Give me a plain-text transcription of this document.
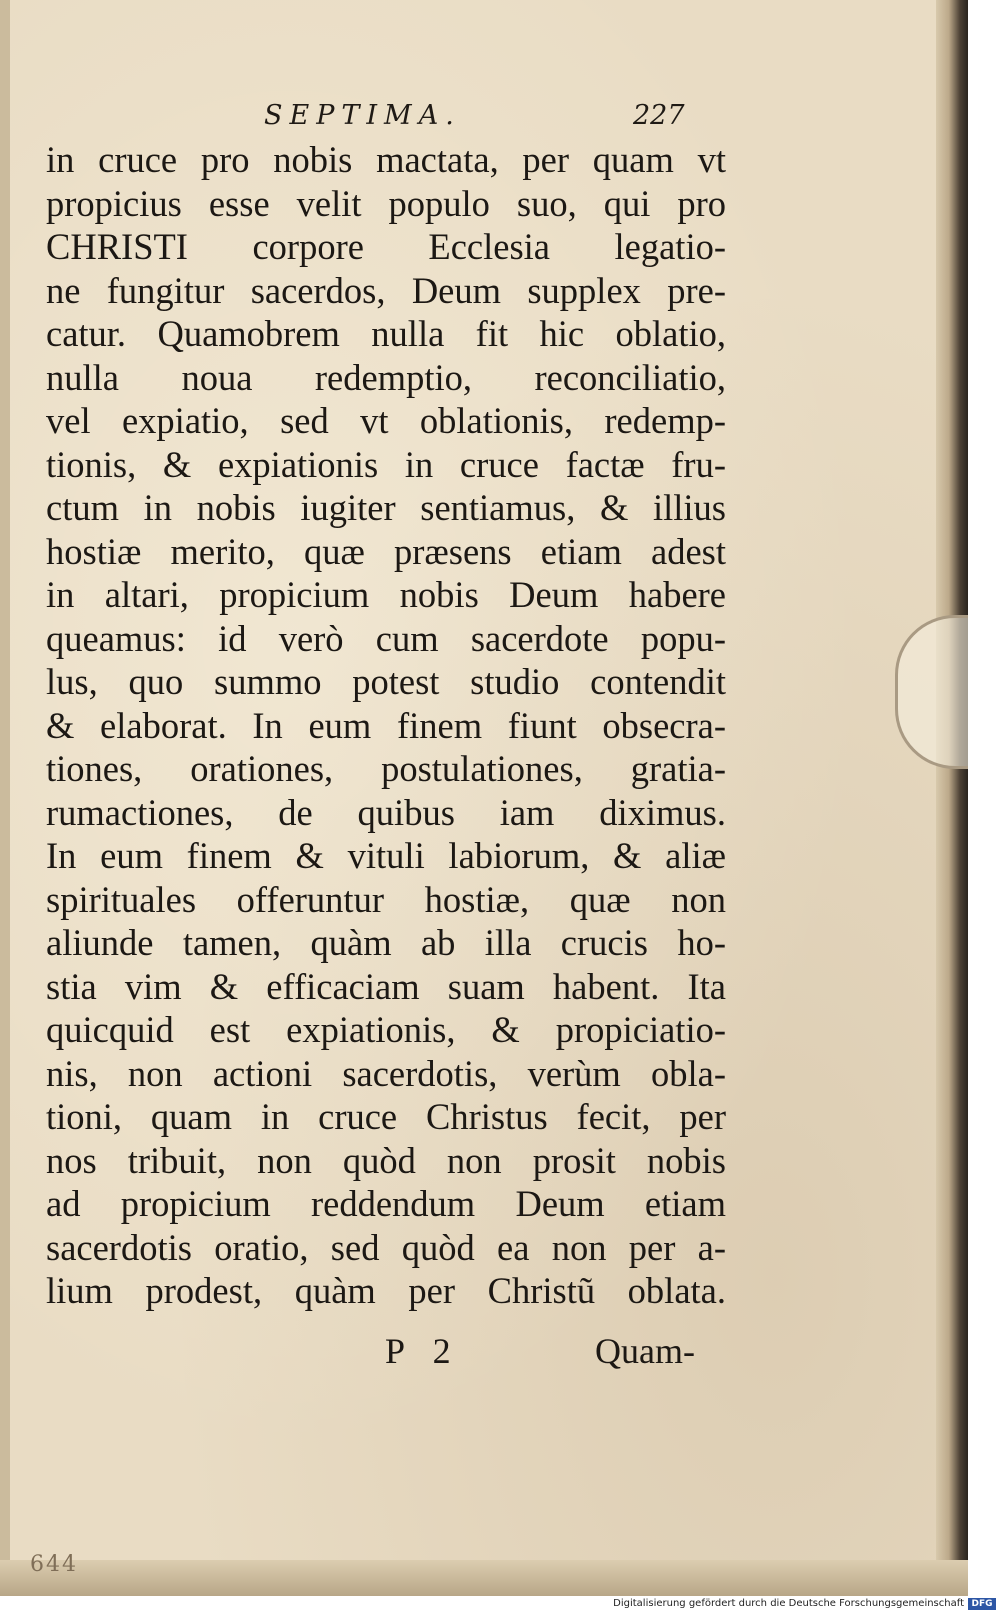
644
SEPTIMA.	227
in cruce pro nobis mactata, per quam vt
propicius esse velit populo suo, qui pro
CHRISTI corpore Ecclesia legatio-
ne fungitur sacerdos, Deum supplex pre-
catur. Quamobrem nulla fit hic oblatio,
nulla noua redemptio, reconciliatio,
vel expiatio, sed vt oblationis, redemp-
tionis, & expiationis in cruce factæ fru-
ctum in nobis iugiter sentiamus, & illius
hostiæ merito, quæ præsens etiam adest
in altari, propicium nobis Deum habere
queamus: id verò cum sacerdote popu-
lus, quo summo potest studio contendit
& elaborat. In eum finem fiunt obsecra-
tiones, orationes, postulationes, gratia-
rumactiones, de quibus iam diximus.
In eum finem & vituli labiorum, & aliæ
spirituales offeruntur hostiæ, quæ non
aliunde tamen, quàm ab illa crucis ho-
stia vim & efficaciam suam habent. Ita
quicquid est expiationis, & propiciatio-
nis, non actioni sacerdotis, verùm obla-
tioni, quam in cruce Christus fecit, per
nos tribuit, non quòd non prosit nobis
ad propicium reddendum Deum etiam
sacerdotis oratio, sed quòd ea non per a-
lium prodest, quàm per Christũ oblata.
P 2	Quam-
Digitalisierung gefördert durch die Deutsche Forschungsgemeinschaft DFG
